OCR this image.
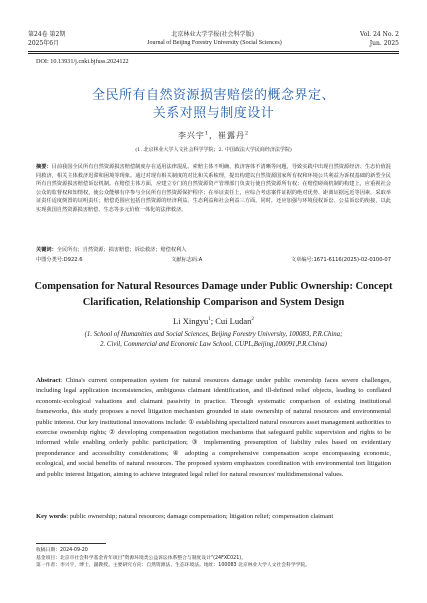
第24卷 第2期	北京林业大学学报(社会科学版)	Vol. 24 No. 2
2025年6月	Journal of Beijing Forestry University (Social Sciences)	Jun. 2025
DOI: 10.13931/j.cnki.bjfuss.2024122
全民所有自然资源损害赔偿的概念界定、
关系对照与制度设计
李兴宇$^1$，崔露丹$^2$
(1. 北京林业大学人文社会科学学院；2. 中国政法大学民商经济法学院)
摘要：目前我国全民所有自然资源损害赔偿制度存在适用法律混乱、索赔主体不明确、救济客体不清晰等问题，导致实践中出现自然资源经济、生态价值混同救济，相关主体救济迟滞和困境等现象。通过对现有相关制度的对比和关系梳理，提出构建以自然资源国家所有权和环境公共利益为诉权基础的新型全民所有自然资源损害赔偿诉讼机制。在赔偿主体方面，应建立专门的自然资源资产管理部门负责行使自然资源所有权；在赔偿磋商机制的构建上，应重视社会公众的监督权和知情权，使公众能够有序参与全民所有自然资源保护程序；在举证责任上，应综合考虑案件证据的绝对优势、距离证据远近等因素，采取举证责任适度倒置的证明责任；赔偿范围应包括自然资源的经济利益、生态利益和社会利益三方面。同时，还应加强与环境侵权诉讼、公益诉讼的衔接，以此实现我国自然资源损害赔偿、生态等多元价值一体化的法律救济。
关键词：全民所有；自然资源；损害赔偿；诉讼救济；赔偿权利人
中图分类号:D922.6	文献标志码:A	文章编号:1671-6116(2025)-02-0100-07
Compensation for Natural Resources Damage under Public Ownership: Concept
Clarification, Relationship Comparison and System Design
Li Xingyu$^1$; Cui Ludan$^2$
(1. School of Humanities and Social Sciences, Beijing Forestry University, 100083, P.R.China;
2. Civil, Commercial and Economic Law School, CUPL,Beijing,100091,P.R.China)
Abstract: China's current compensation system for natural resources damage under public ownership faces severe challenges, including legal application inconsistencies, ambiguous claimant identification, and ill-defined relief objects, leading to conflated economic-ecological valuations and claimant passivity in practice. Through systematic comparison of existing institutional frameworks, this study proposes a novel litigation mechanism grounded in state ownership of natural resources and environmental public interest. Our key institutional innovations include: ① establishing specialized natural resources asset management authorities to exercise ownership rights; ② developing compensation negotiation mechanisms that safeguard public supervision and rights to be informed while enabling orderly public participation; ③ implementing presumption of liability rules based on evidentiary preponderance and accessibility considerations; ④ adopting a comprehensive compensation scope encompassing economic, ecological, and social benefits of natural resources. The proposed system emphasizes coordination with environmental tort litigation and public interest litigation, aiming to achieve integrated legal relief for natural resources' multidimensional values.
Key words: public ownership; natural resources; damage compensation; litigation relief; compensation claimant
收稿日期：2024-09-20
基金项目：北京市社会科学基金青年项目"资源环境类公益诉讼体系整合与制度设计"(24FXC021)。
第一作者：李兴宇，博士，副教授。主要研究方向：自然资源法、生态环境法。地址：100083 北京林业大学人文社会科学学院。
